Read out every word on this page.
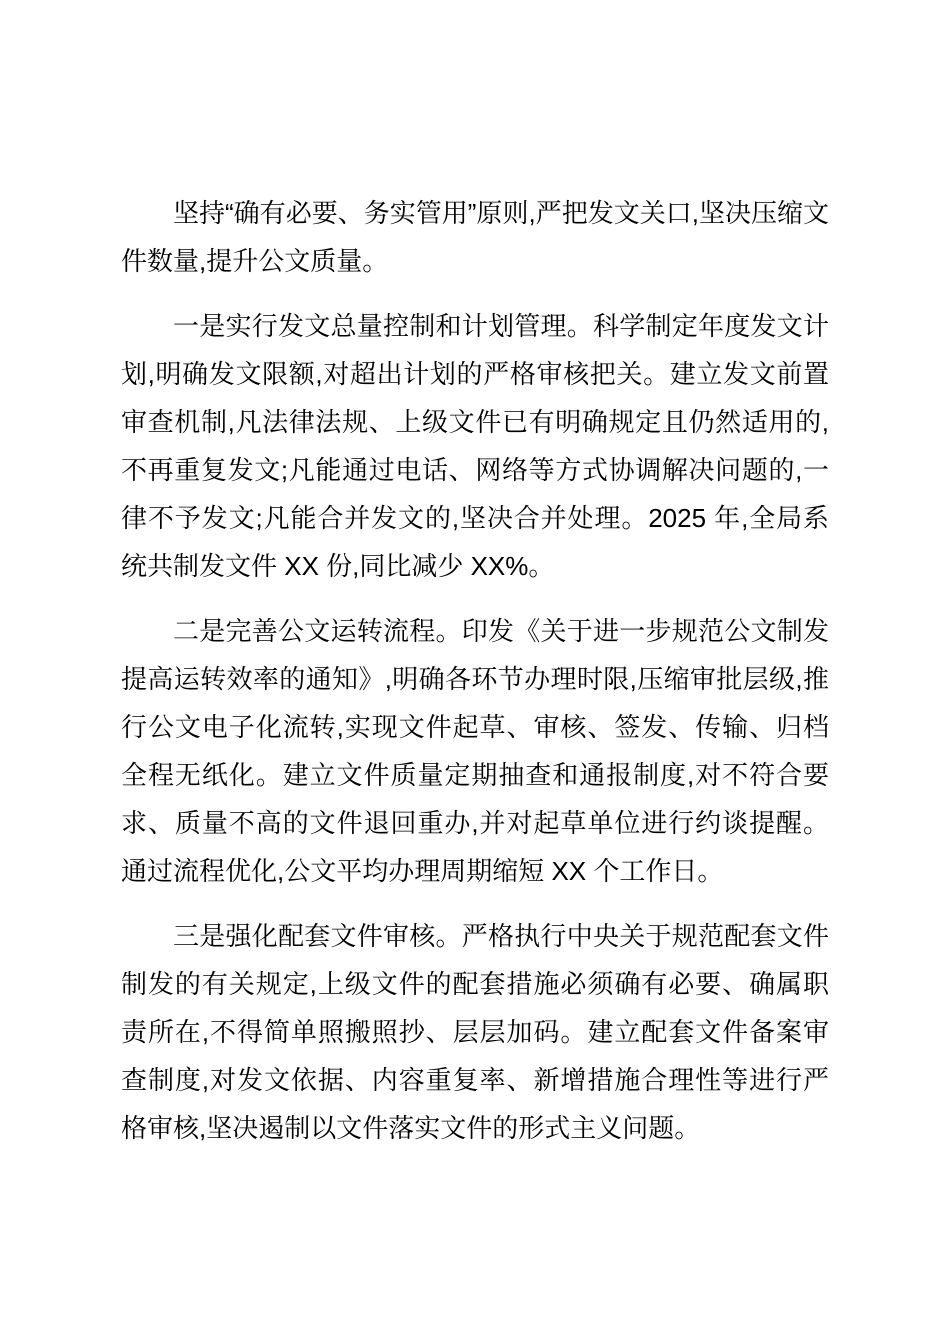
坚持“确有必要、务实管用”原则,严把发文关口,坚决压缩文件数量,提升公文质量。

一是实行发文总量控制和计划管理。科学制定年度发文计划,明确发文限额,对超出计划的严格审核把关。建立发文前置审查机制,凡法律法规、上级文件已有明确规定且仍然适用的,不再重复发文;凡能通过电话、网络等方式协调解决问题的,一律不予发文;凡能合并发文的,坚决合并处理。2025 年,全局系统共制发文件 XX 份,同比减少 XX%。

二是完善公文运转流程。印发《关于进一步规范公文制发提高运转效率的通知》,明确各环节办理时限,压缩审批层级,推行公文电子化流转,实现文件起草、审核、签发、传输、归档全程无纸化。建立文件质量定期抽查和通报制度,对不符合要求、质量不高的文件退回重办,并对起草单位进行约谈提醒。通过流程优化,公文平均办理周期缩短 XX 个工作日。

三是强化配套文件审核。严格执行中央关于规范配套文件制发的有关规定,上级文件的配套措施必须确有必要、确属职责所在,不得简单照搬照抄、层层加码。建立配套文件备案审查制度,对发文依据、内容重复率、新增措施合理性等进行严格审核,坚决遏制以文件落实文件的形式主义问题。
